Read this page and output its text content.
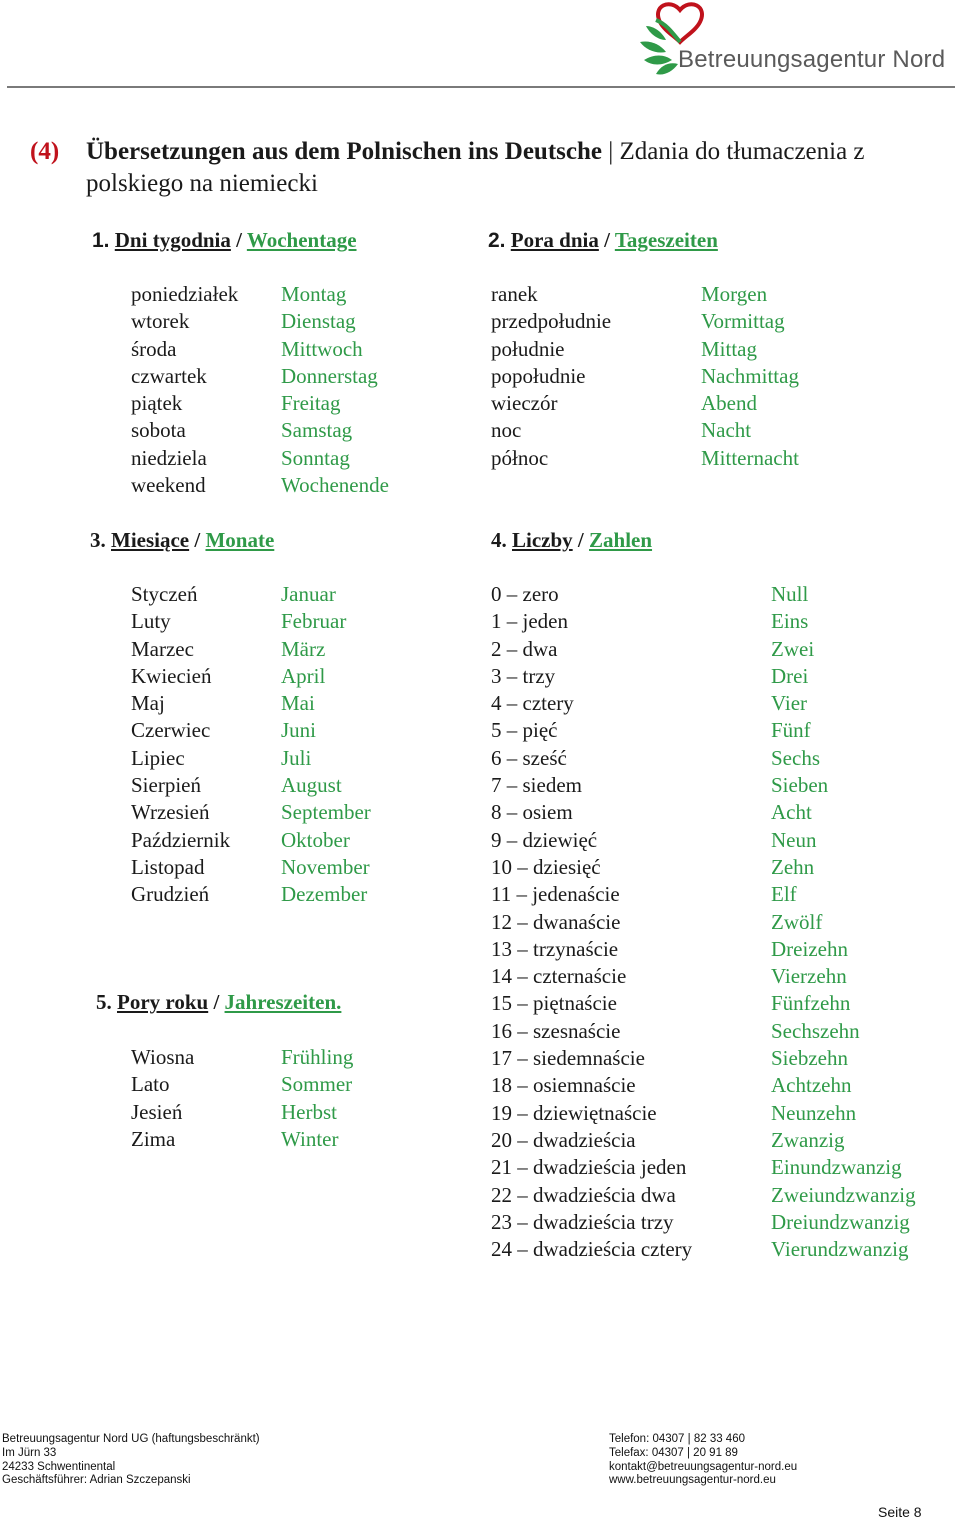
Betreuungsagentur Nord
(4) Übersetzungen aus dem Polnischen ins Deutsche | Zdania do tłumaczenia z
polskiego na niemiecki
1. Dni tygodnia / Wochentage
poniedziałek
wtorek
środa
czwartek
piątek
sobota
niedziela
weekend
Montag
Dienstag
Mittwoch
Donnerstag
Freitag
Samstag
Sonntag
Wochenende
2. Pora dnia / Tageszeiten
ranek
przedpołudnie
południe
popołudnie
wieczór
noc
północ
Morgen
Vormittag
Mittag
Nachmittag
Abend
Nacht
Mitternacht
3. Miesiące / Monate
Styczeń
Luty
Marzec
Kwiecień
Maj
Czerwiec
Lipiec
Sierpień
Wrzesień
Październik
Listopad
Grudzień
Januar
Februar
März
April
Mai
Juni
Juli
August
September
Oktober
November
Dezember
4. Liczby / Zahlen
0 – zero
1 – jeden
2 – dwa
3 – trzy
4 – cztery
5 – pięć
6 – sześć
7 – siedem
8 – osiem
9 – dziewięć
10 – dziesięć
11 – jedenaście
12 – dwanaście
13 – trzynaście
14 – czternaście
15 – piętnaście
16 – szesnaście
17 – siedemnaście
18 – osiemnaście
19 – dziewiętnaście
20 – dwadzieścia
21 – dwadzieścia jeden
22 – dwadzieścia dwa
23 – dwadzieścia trzy
24 – dwadzieścia cztery
Null
Eins
Zwei
Drei
Vier
Fünf
Sechs
Sieben
Acht
Neun
Zehn
Elf
Zwölf
Dreizehn
Vierzehn
Fünfzehn
Sechszehn
Siebzehn
Achtzehn
Neunzehn
Zwanzig
Einundzwanzig
Zweiundzwanzig
Dreiundzwanzig
Vierundzwanzig
5. Pory roku / Jahreszeiten.
Wiosna
Lato
Jesień
Zima
Frühling
Sommer
Herbst
Winter
Betreuungsagentur Nord UG (haftungsbeschränkt)
Im Jürn 33
24233 Schwentinental
Geschäftsführer: Adrian Szczepanski
Telefon: 04307 | 82 33 460
Telefax: 04307 | 20 91 89
kontakt@betreuungsagentur-nord.eu
www.betreuungsagentur-nord.eu
Seite 8
